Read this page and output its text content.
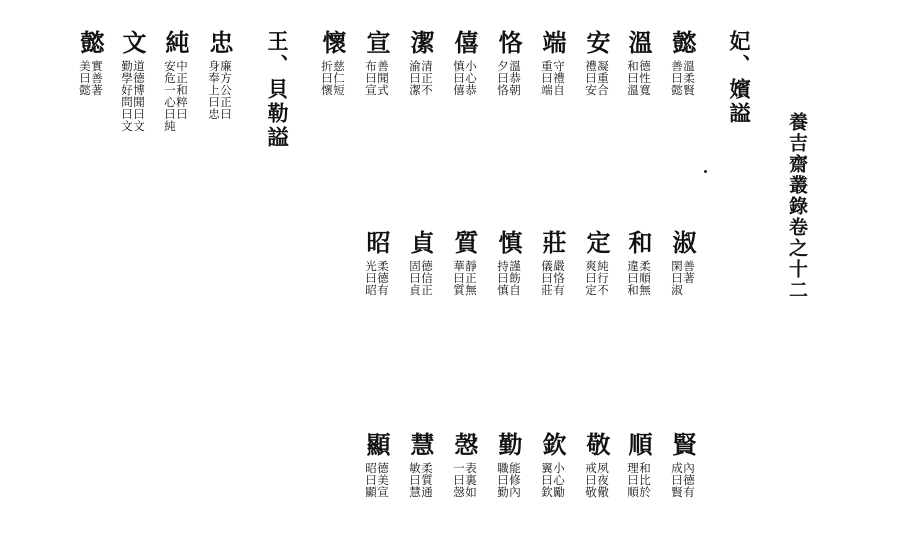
養吉齋叢錄卷之十二
妃、嬪謚
王、貝勒謚	懿
溫柔賢
善曰懿
溫
德性寬
和曰溫
安
凝重合
禮曰安
端
守禮自
重曰端
恪
溫恭朝
夕曰恪
僖
小心恭
慎曰僖
潔
清正不
渝曰潔
宣
善聞式
布曰宣
懷
慈仁短
折曰懷
淑
善著
閑曰淑
和
柔順無
違曰和
定
純行不
爽曰定
莊
嚴恪有
儀曰莊
慎
謹飭自
持曰慎
質
靜正無
華曰質
貞
德信正
固曰貞
昭
柔德有
光曰昭
賢
內德有
成曰賢
順
和比於
理曰順
敬
夙夜儆
戒曰敬
欽
小心勵
翼曰欽
勤
能修內
職曰勤
愨
表裏如
一曰愨
慧
柔質通
敏曰慧
顯
德美宣
昭曰顯
忠
廉方公正曰
身奉上曰忠
純
中正和粹曰
安危一心曰純
文
道德博聞曰文
勤學好問曰文
懿
實善著
美曰懿
